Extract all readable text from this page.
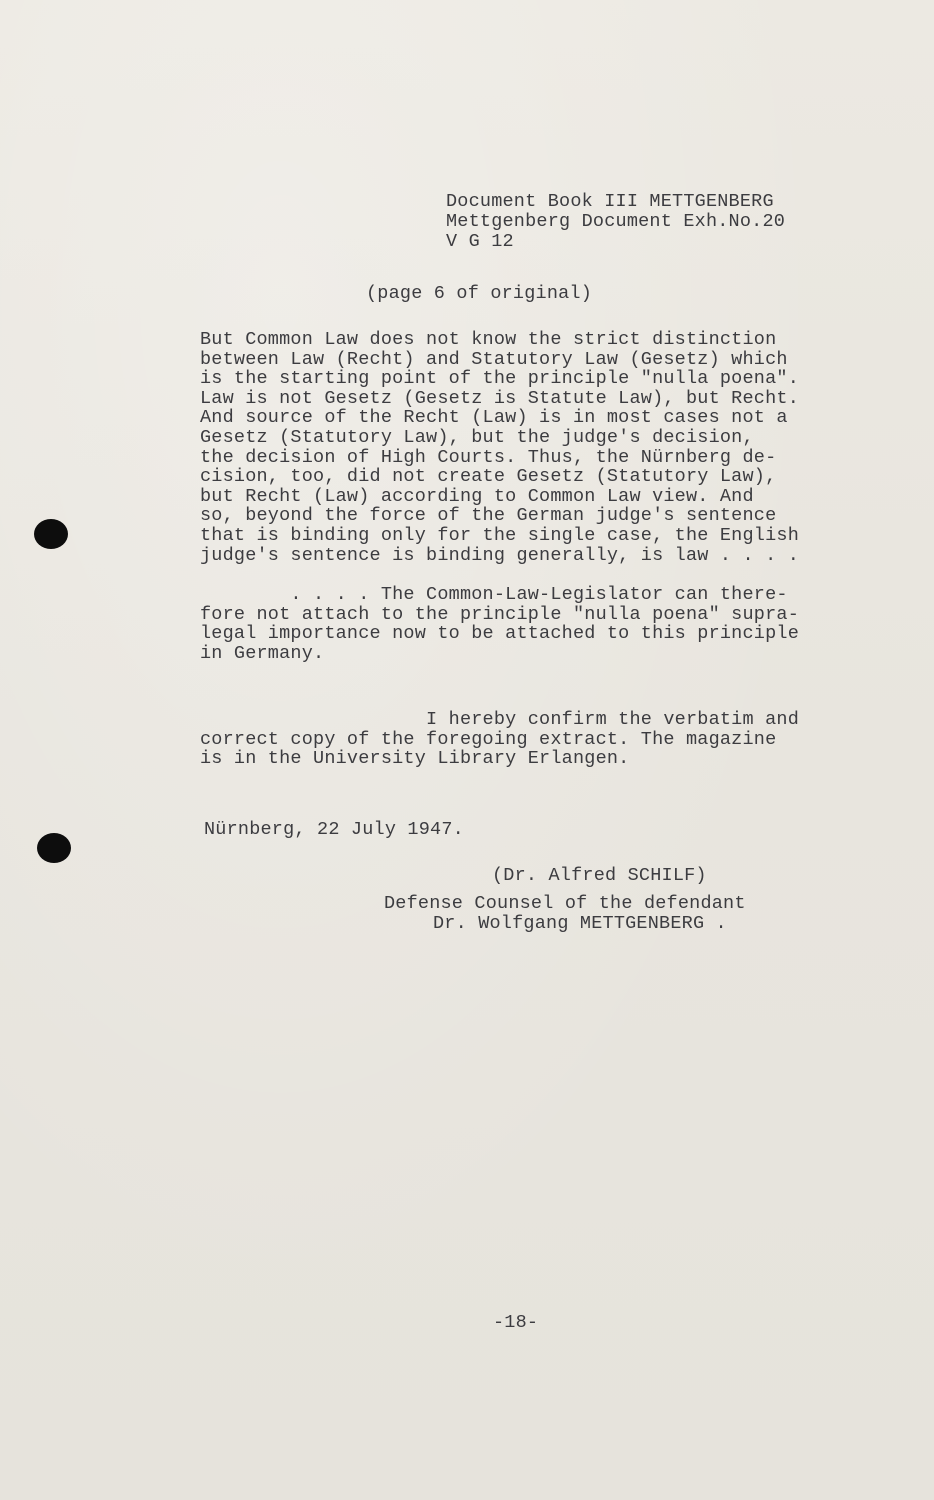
Document Book III METTGENBERG
Mettgenberg Document Exh.No.20
V G 12
(page 6 of original)
But Common Law does not know the strict distinction
between Law (Recht) and Statutory Law (Gesetz) which
is the starting point of the principle "nulla poena".
Law is not Gesetz (Gesetz is Statute Law), but Recht.
And source of the Recht (Law) is in most cases not a
Gesetz (Statutory Law), but the judge's decision,
the decision of High Courts. Thus, the Nürnberg de-
cision, too, did not create Gesetz (Statutory Law),
but Recht (Law) according to Common Law view. And
so, beyond the force of the German judge's sentence
that is binding only for the single case, the English
judge's sentence is binding generally, is law . . . .
. . . . The Common-Law-Legislator can there-
fore not attach to the principle "nulla poena" supra-
legal importance now to be attached to this principle
in Germany.
I hereby confirm the verbatim and
correct copy of the foregoing extract. The magazine
is in the University Library Erlangen.
Nürnberg, 22 July 1947.
(Dr. Alfred SCHILF)
Defense Counsel of the defendant
Dr. Wolfgang METTGENBERG .
-18-
